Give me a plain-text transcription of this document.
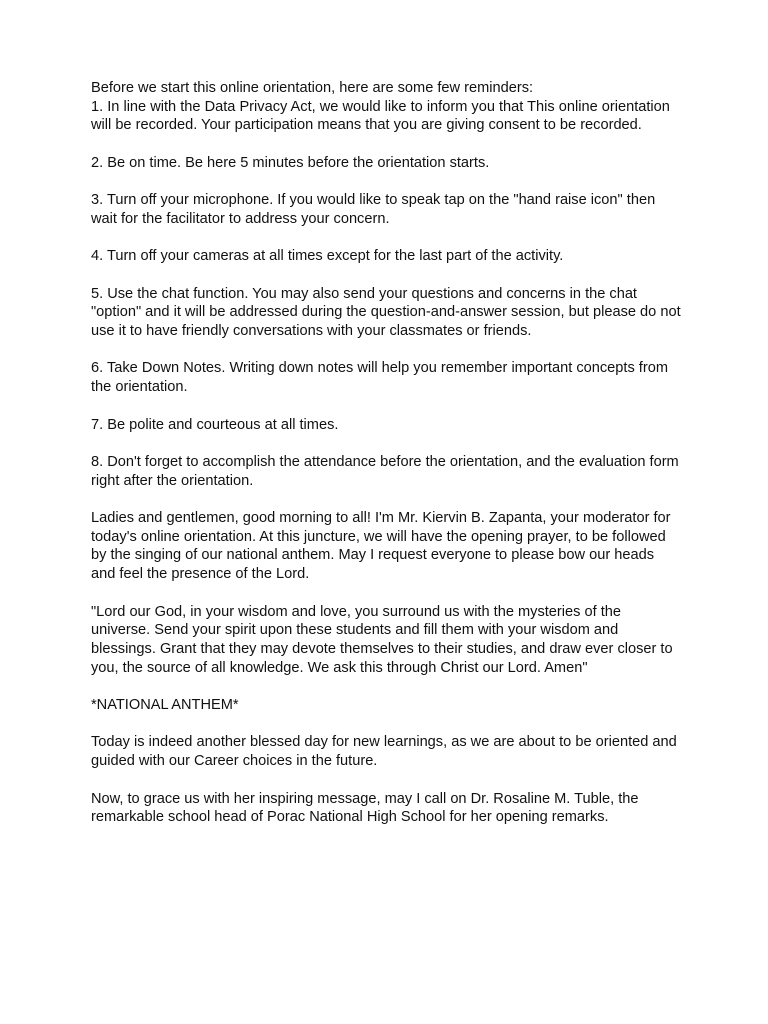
Before we start this online orientation, here are some few reminders:

1. In line with the Data Privacy Act, we would like to inform you that This online orientation will be recorded. Your participation means that you are giving consent to be recorded.

2. Be on time. Be here 5 minutes before the orientation starts.

3. Turn off your microphone. If you would like to speak tap on the "hand raise icon" then wait for the facilitator to address your concern.

4. Turn off your cameras at all times except for the last part of the activity.

5. Use the chat function. You may also send your questions and concerns in the chat "option" and it will be addressed during the question-and-answer session, but please do not use it to have friendly conversations with your classmates or friends.

6. Take Down Notes. Writing down notes will help you remember important concepts from the orientation.

7. Be polite and courteous at all times.

8. Don't forget to accomplish the attendance before the orientation, and the evaluation form right after the orientation.

Ladies and gentlemen, good morning to all! I'm Mr. Kiervin B. Zapanta, your moderator for today's online orientation. At this juncture, we will have the opening prayer, to be followed by the singing of our national anthem. May I request everyone to please bow our heads and feel the presence of the Lord.

"Lord our God, in your wisdom and love, you surround us with the mysteries of the universe. Send your spirit upon these students and fill them with your wisdom and blessings. Grant that they may devote themselves to their studies, and draw ever closer to you, the source of all knowledge. We ask this through Christ our Lord. Amen"

*NATIONAL ANTHEM*

Today is indeed another blessed day for new learnings, as we are about to be oriented and guided with our Career choices in the future.

Now, to grace us with her inspiring message, may I call on Dr. Rosaline M. Tuble, the remarkable school head of Porac National High School for her opening remarks.
